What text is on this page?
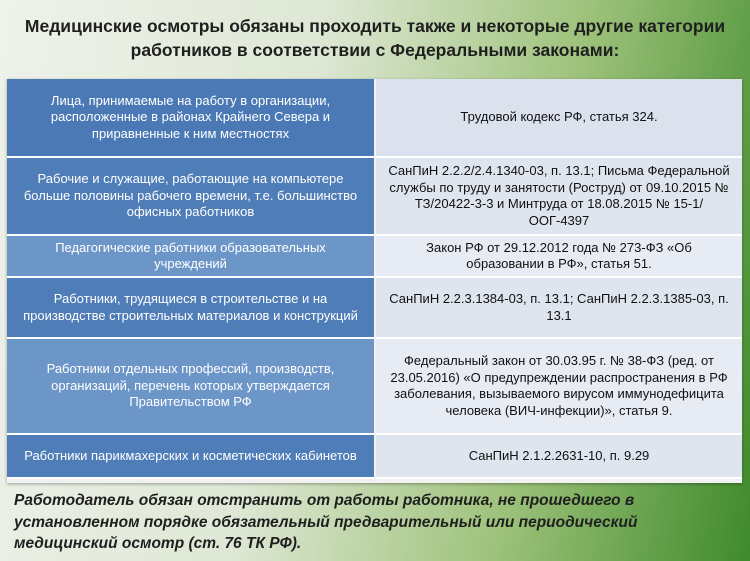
Медицинские осмотры обязаны проходить также и некоторые другие категории работников в соответствии с Федеральными законами:
Лица, принимаемые на работу в организации, расположенные в районах Крайнего Севера и приравненные к ним местностях
Трудовой кодекс РФ, статья 324.
Рабочие и служащие, работающие на компьютере больше половины рабочего времени, т.е. большинство офисных работников
СанПиН 2.2.2/2.4.1340-03, п. 13.1; Письма Федеральной службы по труду и занятости (Роструд) от 09.10.2015 № ТЗ/20422-3-3 и Минтруда от 18.08.2015 № 15-1/ООГ-4397
Педагогические работники образовательных учреждений
Закон РФ от 29.12.2012 года № 273-ФЗ «Об образовании в РФ», статья 51.
Работники, трудящиеся в строительстве и на производстве строительных материалов и конструкций
СанПиН 2.2.3.1384-03, п. 13.1; СанПиН 2.2.3.1385-03, п. 13.1
Работники отдельных профессий, производств, организаций, перечень которых утверждается Правительством РФ
Федеральный закон от 30.03.95 г. № 38-ФЗ (ред. от 23.05.2016) «О предупреждении распространения в РФ заболевания, вызываемого вирусом иммунодефицита человека (ВИЧ-инфекции)», статья 9.
Работники парикмахерских и косметических кабинетов	СанПиН 2.1.2.2631-10, п. 9.29
Работодатель обязан отстранить от работы работника, не прошедшего в установленном порядке обязательный предварительный или периодический медицинский осмотр (ст. 76 ТК РФ).
